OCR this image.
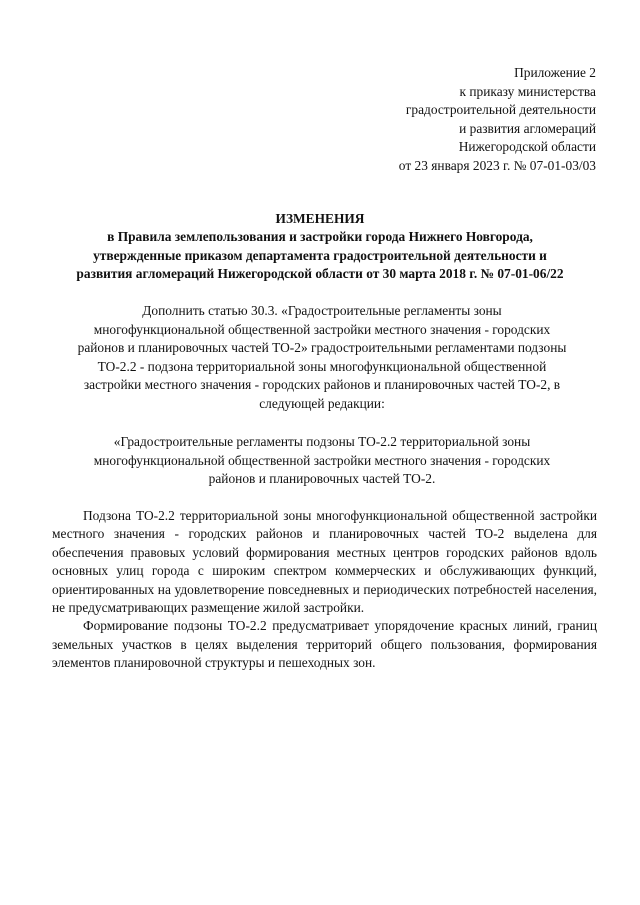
Приложение 2
к приказу министерства
градостроительной деятельности
и развития агломераций
Нижегородской области
от 23 января 2023 г. № 07-01-03/03
ИЗМЕНЕНИЯ
в Правила землепользования и застройки города Нижнего Новгорода,
утвержденные приказом департамента градостроительной деятельности и
развития агломераций Нижегородской области от 30 марта 2018 г. № 07-01-06/22
Дополнить статью 30.3. «Градостроительные регламенты зоны
многофункциональной общественной застройки местного значения - городских
районов и планировочных частей ТО-2» градостроительными регламентами подзоны
ТО-2.2 - подзона территориальной зоны многофункциональной общественной
застройки местного значения - городских районов и планировочных частей ТО-2, в
следующей редакции:
«Градостроительные регламенты подзоны ТО-2.2 территориальной зоны
многофункциональной общественной застройки местного значения - городских
районов и планировочных частей ТО-2.

Подзона ТО-2.2 территориальной зоны многофункциональной общественной застройки местного значения - городских районов и планировочных частей ТО-2 выделена для обеспечения правовых условий формирования местных центров городских районов вдоль основных улиц города с широким спектром коммерческих и обслуживающих функций, ориентированных на удовлетворение повседневных и периодических потребностей населения, не предусматривающих размещение жилой застройки.

Формирование подзоны ТО-2.2 предусматривает упорядочение красных линий, границ земельных участков в целях выделения территорий общего пользования, формирования элементов планировочной структуры и пешеходных зон.
